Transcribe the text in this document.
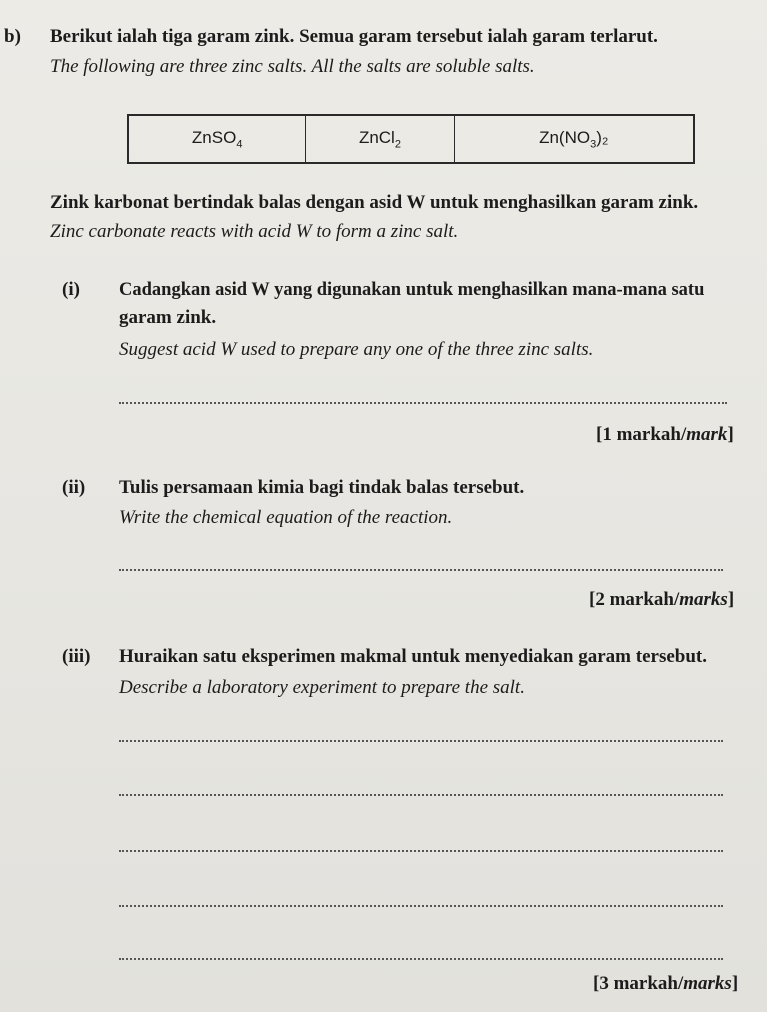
b) Berikut ialah tiga garam zink. Semua garam tersebut ialah garam terlarut.
The following are three zinc salts. All the salts are soluble salts.
ZnSO$_4$	ZnCl$_2$	$Zn(NO_3)_2$
Zink karbonat bertindak balas dengan asid W untuk menghasilkan garam zink.
Zinc carbonate reacts with acid W to form a zinc salt.
(i) Cadangkan asid W yang digunakan untuk menghasilkan mana-mana satu
garam zink.
Suggest acid W used to prepare any one of the three zinc salts.
[1 markah/mark]
(ii) Tulis persamaan kimia bagi tindak balas tersebut.
Write the chemical equation of the reaction.
[2 markah/marks]
(iii) Huraikan satu eksperimen makmal untuk menyediakan garam tersebut.
Describe a laboratory experiment to prepare the salt.
[3 markah/marks]
